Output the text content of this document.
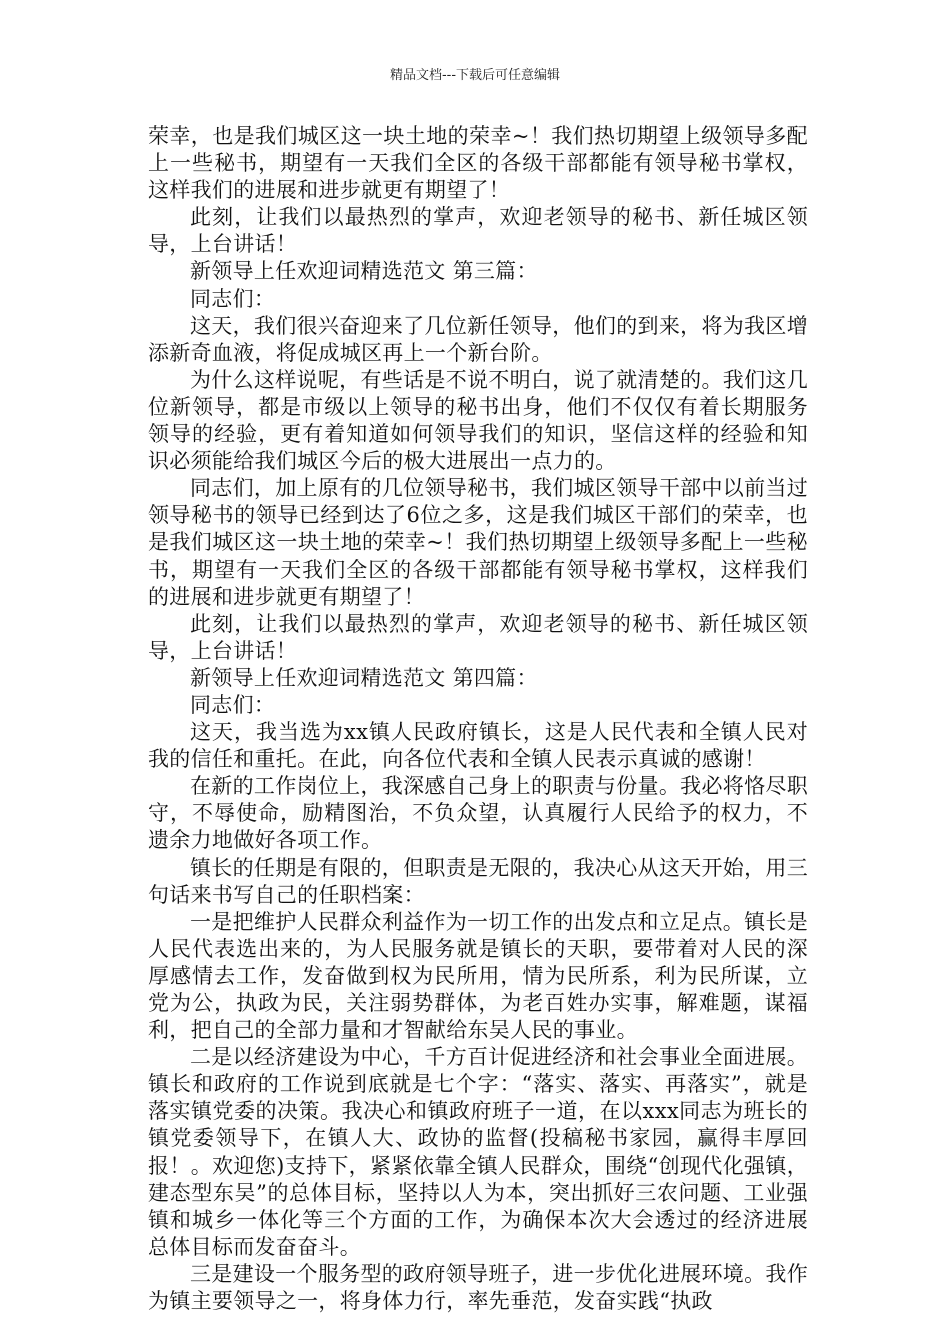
精品文档---下载后可任意编辑

荣幸，也是我们城区这一块土地的荣幸~！我们热切期望上级领导多配上一些秘书，期望有一天我们全区的各级干部都能有领导秘书掌权，这样我们的进展和进步就更有期望了！

此刻，让我们以最热烈的掌声，欢迎老领导的秘书、新任城区领导，上台讲话！

新领导上任欢迎词精选范文 第三篇：

同志们：

这天，我们很兴奋迎来了几位新任领导，他们的到来，将为我区增添新奇血液，将促成城区再上一个新台阶。

为什么这样说呢，有些话是不说不明白，说了就清楚的。我们这几位新领导，都是市级以上领导的秘书出身，他们不仅仅有着长期服务领导的经验，更有着知道如何领导我们的知识，坚信这样的经验和知识必须能给我们城区今后的极大进展出一点力的。

同志们，加上原有的几位领导秘书，我们城区领导干部中以前当过领导秘书的领导已经到达了6位之多，这是我们城区干部们的荣幸，也是我们城区这一块土地的荣幸~！我们热切期望上级领导多配上一些秘书，期望有一天我们全区的各级干部都能有领导秘书掌权，这样我们的进展和进步就更有期望了！

此刻，让我们以最热烈的掌声，欢迎老领导的秘书、新任城区领导，上台讲话！

新领导上任欢迎词精选范文 第四篇：

同志们：

这天，我当选为xx镇人民政府镇长，这是人民代表和全镇人民对我的信任和重托。在此，向各位代表和全镇人民表示真诚的感谢！

在新的工作岗位上，我深感自己身上的职责与份量。我必将恪尽职守，不辱使命，励精图治，不负众望，认真履行人民给予的权力，不遗余力地做好各项工作。

镇长的任期是有限的，但职责是无限的，我决心从这天开始，用三句话来书写自己的任职档案：

一是把维护人民群众利益作为一切工作的出发点和立足点。镇长是人民代表选出来的，为人民服务就是镇长的天职，要带着对人民的深厚感情去工作，发奋做到权为民所用，情为民所系，利为民所谋，立党为公，执政为民，关注弱势群体，为老百姓办实事，解难题，谋福利，把自己的全部力量和才智献给东吴人民的事业。

二是以经济建设为中心，千方百计促进经济和社会事业全面进展。镇长和政府的工作说到底就是七个字：“落实、落实、再落实”，就是落实镇党委的决策。我决心和镇政府班子一道，在以xxx同志为班长的镇党委领导下，在镇人大、政协的监督(投稿秘书家园，赢得丰厚回报！。欢迎您)支持下，紧紧依靠全镇人民群众，围绕“创现代化强镇，建态型东吴”的总体目标，坚持以人为本，突出抓好三农问题、工业强镇和城乡一体化等三个方面的工作，为确保本次大会透过的经济进展总体目标而发奋奋斗。

三是建设一个服务型的政府领导班子，进一步优化进展环境。我作为镇主要领导之一，将身体力行，率先垂范，发奋实践“执政
